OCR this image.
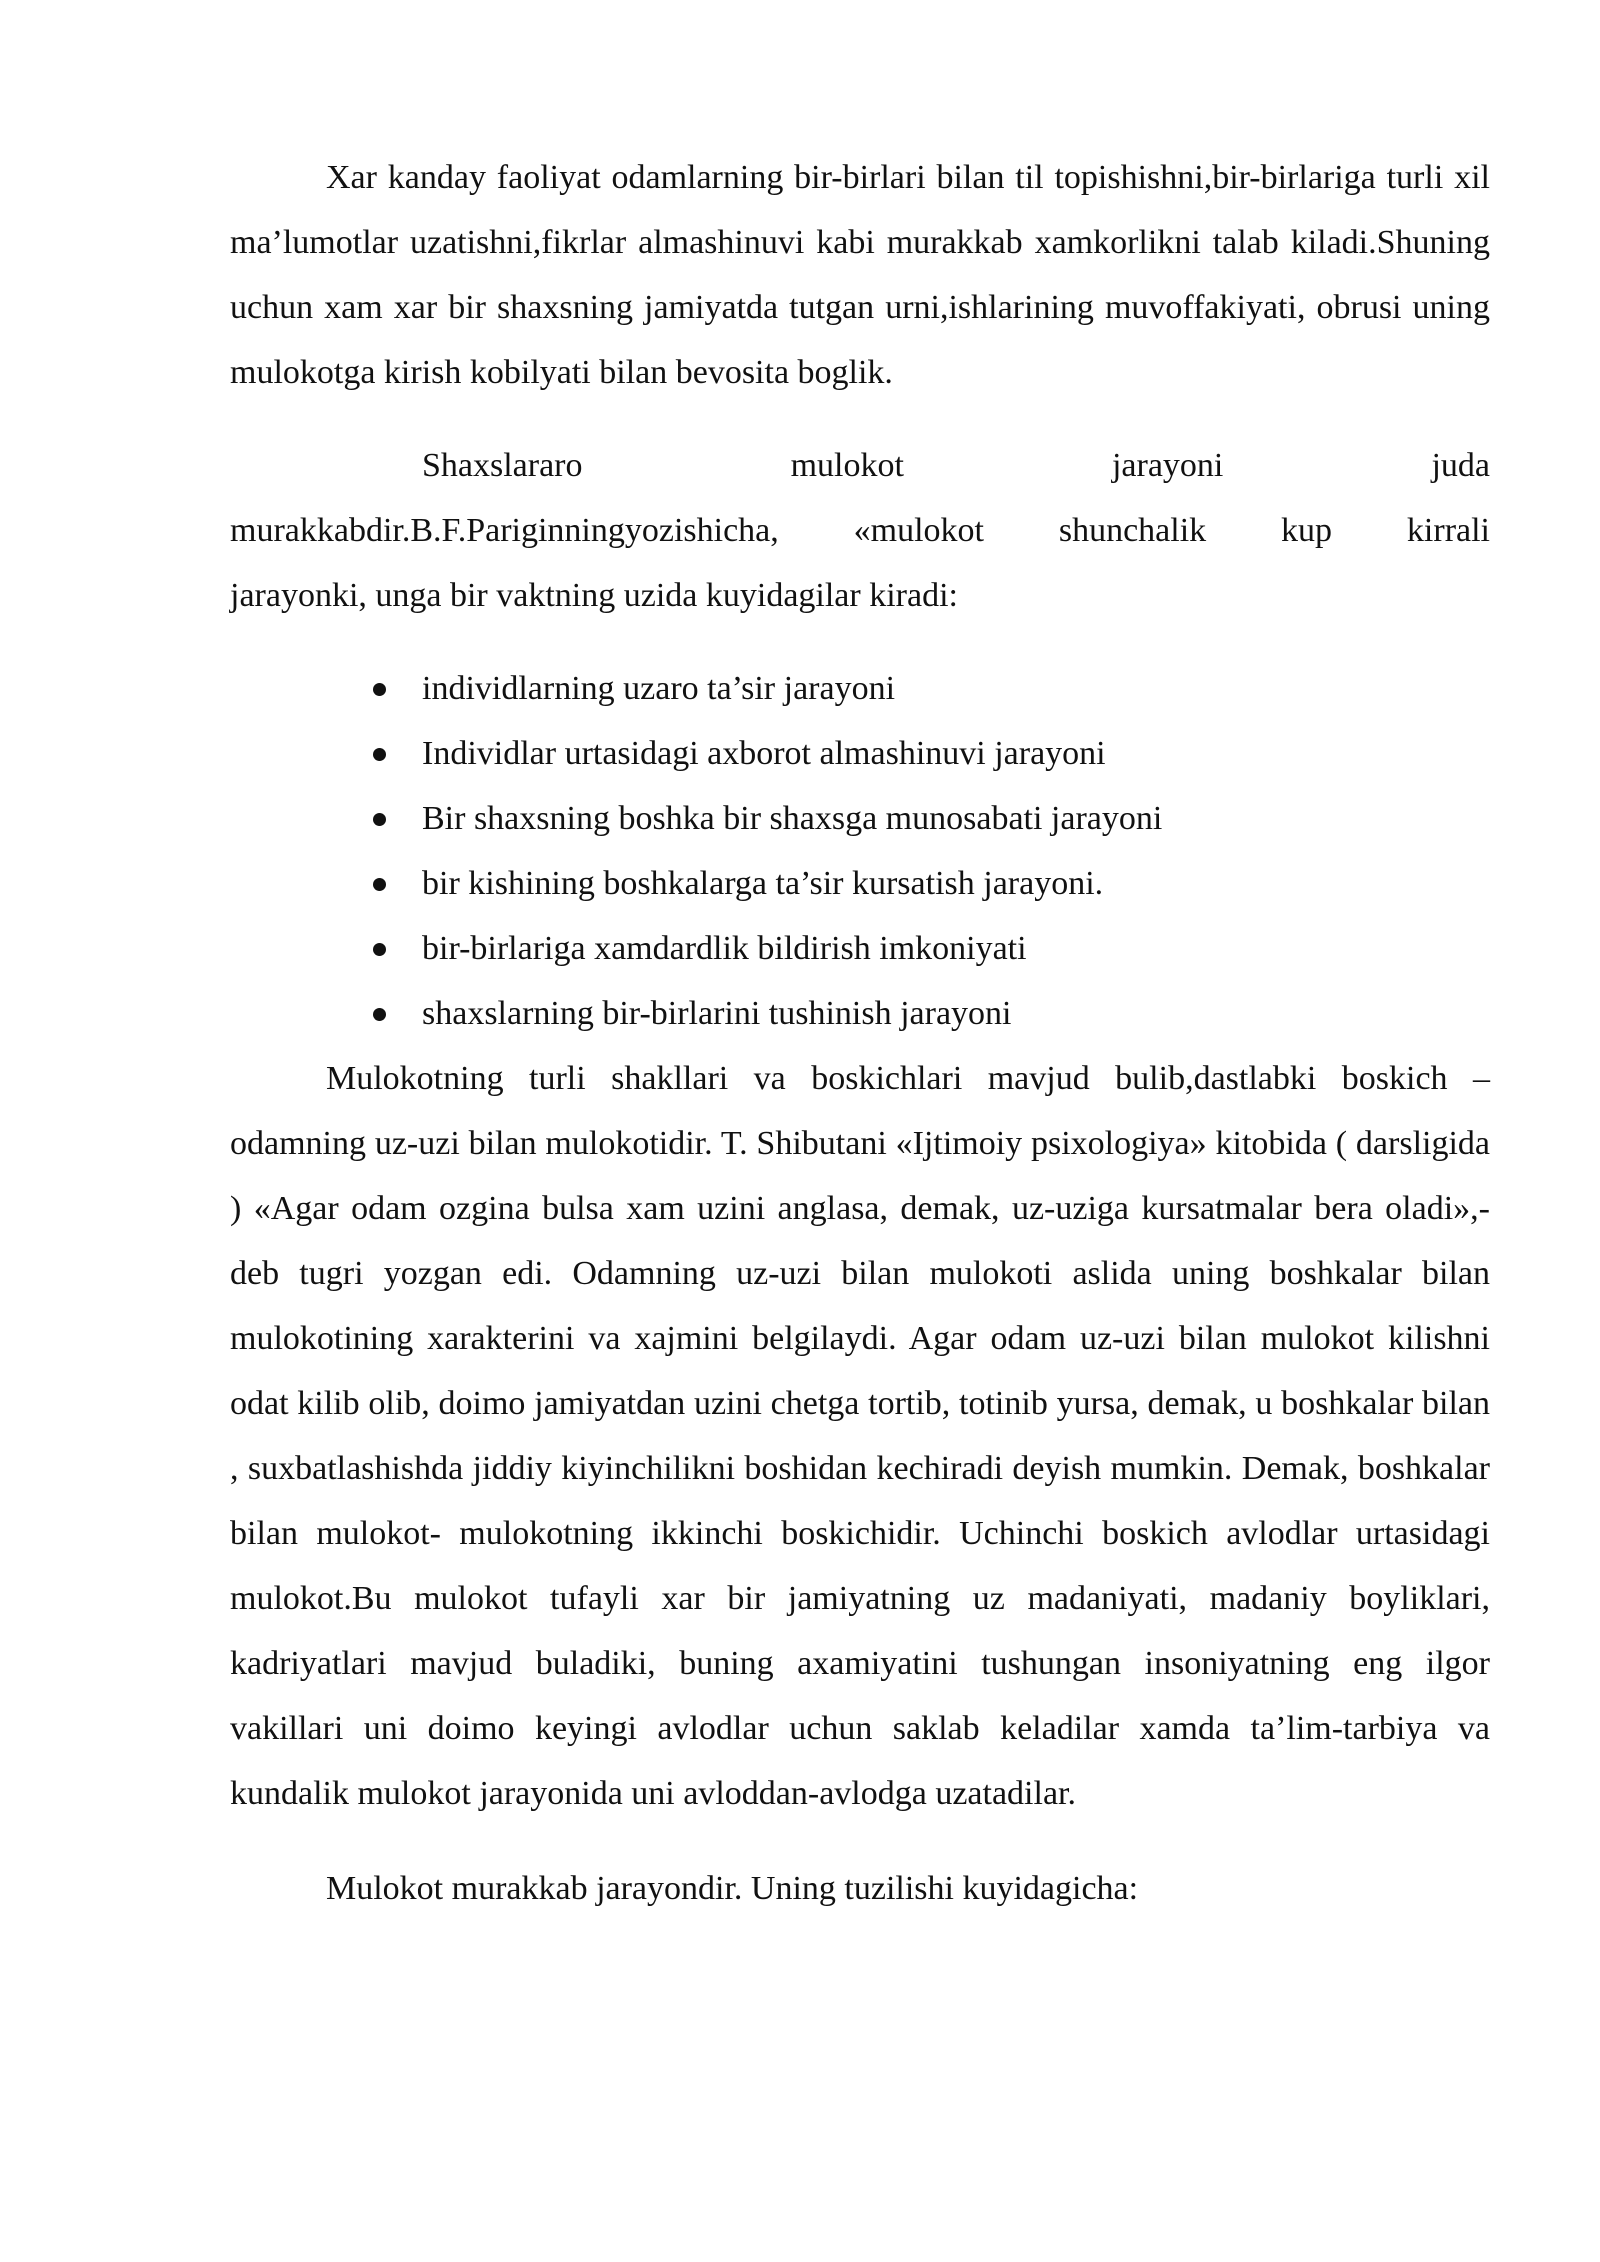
Xar kanday faoliyat odamlarning bir-birlari bilan til topishishni,bir-birlariga turli xil ma’lumotlar uzatishni,fikrlar almashinuvi kabi murakkab xamkorlikni talab kiladi.Shuning uchun xam xar bir shaxsning jamiyatda tutgan urni,ishlarining muvoffakiyati, obrusi uning mulokotga kirish kobilyati bilan bevosita boglik.

Shaxslararo	mulokot	jarayoni	juda

murakkabdir.B.F.Pariginningyozishicha, «mulokot shunchalik kup kirrali

jarayonki, unga bir vaktning uzida kuyidagilar kiradi:

individlarning uzaro ta’sir jarayoni
Individlar urtasidagi axborot almashinuvi jarayoni
Bir shaxsning boshka bir shaxsga munosabati jarayoni
bir kishining boshkalarga ta’sir kursatish jarayoni.
bir-birlariga xamdardlik bildirish imkoniyati
shaxslarning bir-birlarini tushinish jarayoni

Mulokotning turli shakllari va boskichlari mavjud bulib,dastlabki boskich – odamning uz-uzi bilan mulokotidir. T. Shibutani «Ijtimoiy psixologiya» kitobida ( darsligida ) «Agar odam ozgina bulsa xam uzini anglasa, demak, uz-uziga kursatmalar bera oladi»,-deb tugri yozgan edi. Odamning uz-uzi bilan mulokoti aslida uning boshkalar bilan mulokotining xarakterini va xajmini belgilaydi. Agar odam uz-uzi bilan mulokot kilishni odat kilib olib, doimo jamiyatdan uzini chetga tortib, totinib yursa, demak, u boshkalar bilan , suxbatlashishda jiddiy kiyinchilikni boshidan kechiradi deyish mumkin. Demak, boshkalar bilan mulokot- mulokotning ikkinchi boskichidir. Uchinchi boskich avlodlar urtasidagi mulokot.Bu mulokot tufayli xar bir jamiyatning uz madaniyati, madaniy boyliklari, kadriyatlari mavjud buladiki, buning axamiyatini tushungan insoniyatning eng ilgor vakillari uni doimo keyingi avlodlar uchun saklab keladilar xamda ta’lim-tarbiya va kundalik mulokot jarayonida uni avloddan-avlodga uzatadilar.

Mulokot murakkab jarayondir. Uning tuzilishi kuyidagicha:
